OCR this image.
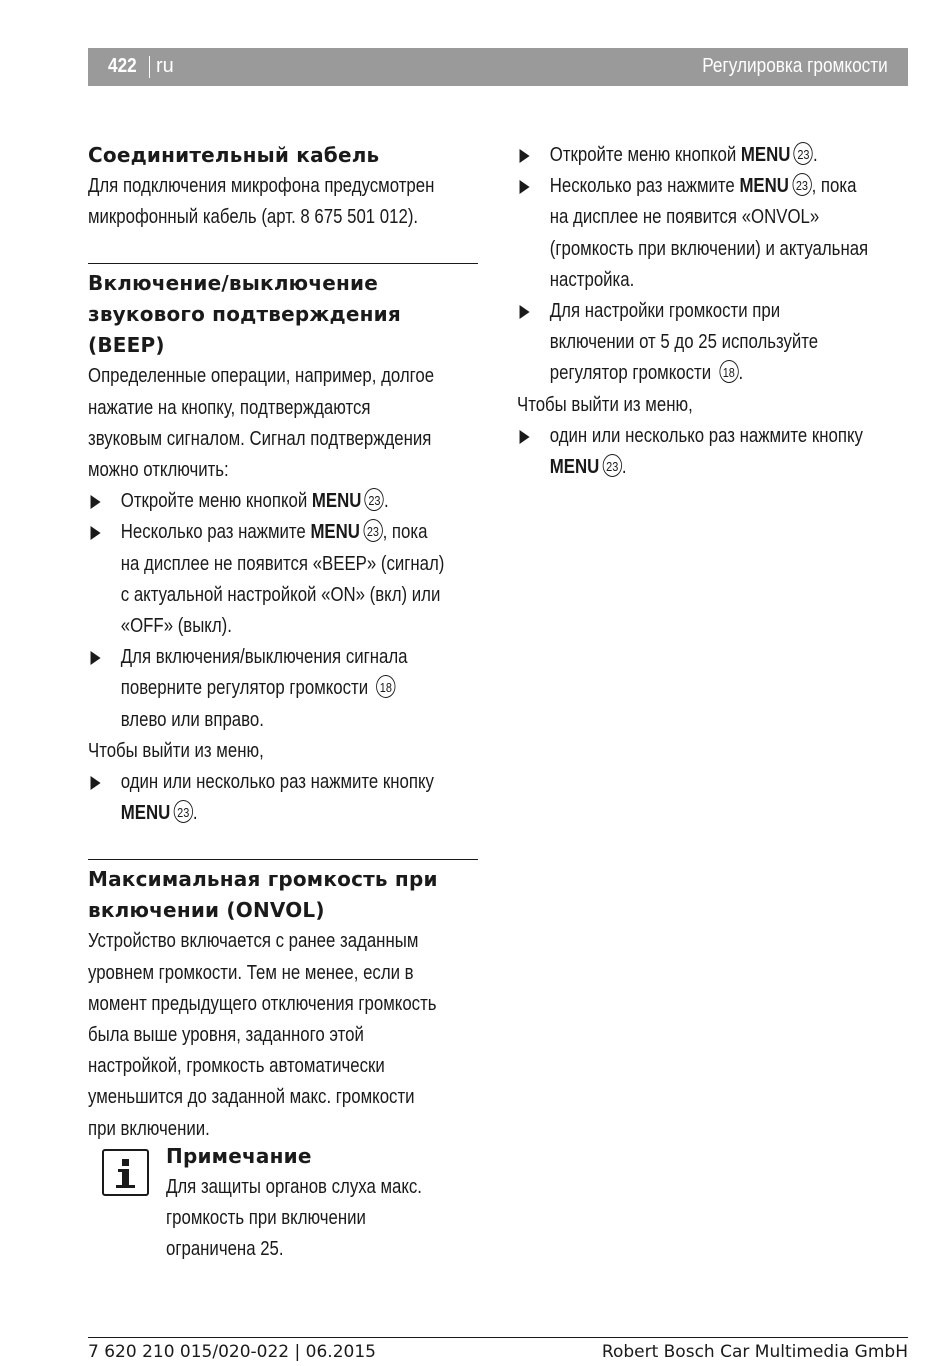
422 ru	Регулировка громкости
Соединительный кабель
Для подключения микрофона предусмотрен
микрофонный кабель (арт. 8 675 501 012).
Включение/выключение
звукового подтверждения (BEEP)
Определенные операции, например, долгое
нажатие на кнопку, подтверждаются
звуковым сигналом. Сигнал подтверждения
можно отключить:
Откройте меню кнопкой MENU 23 .
Несколько раз нажмите MENU 23 , пока
на дисплее не появится «BEEP» (сигнал)
с актуальной настройкой «ON» (вкл) или
«OFF» (выкл).
Для включения/выключения сигнала
поверните регулятор громкости 18
влево или вправо.
Чтобы выйти из меню,
один или несколько раз нажмите кнопку
MENU 23 .
Максимальная громкость при
включении (ONVOL)
Устройство включается с ранее заданным
уровнем громкости. Тем не менее, если в
момент предыдущего отключения громкость
была выше уровня, заданного этой
настройкой, громкость автоматически
уменьшится до заданной макс. громкости
при включении.
Примечание
Для защиты органов слуха макс.
громкость при включении
ограничена 25.
Откройте меню кнопкой MENU 23 .
Несколько раз нажмите MENU 23 , пока
на дисплее не появится «ONVOL»
(громкость при включении) и актуальная
настройка.
Для настройки громкости при
включении от 5 до 25 используйте
регулятор громкости 18 .
Чтобы выйти из меню,
один или несколько раз нажмите кнопку
MENU 23 .
7 620 210 015/020-022 | 06.2015	Robert Bosch Car Multimedia GmbH
